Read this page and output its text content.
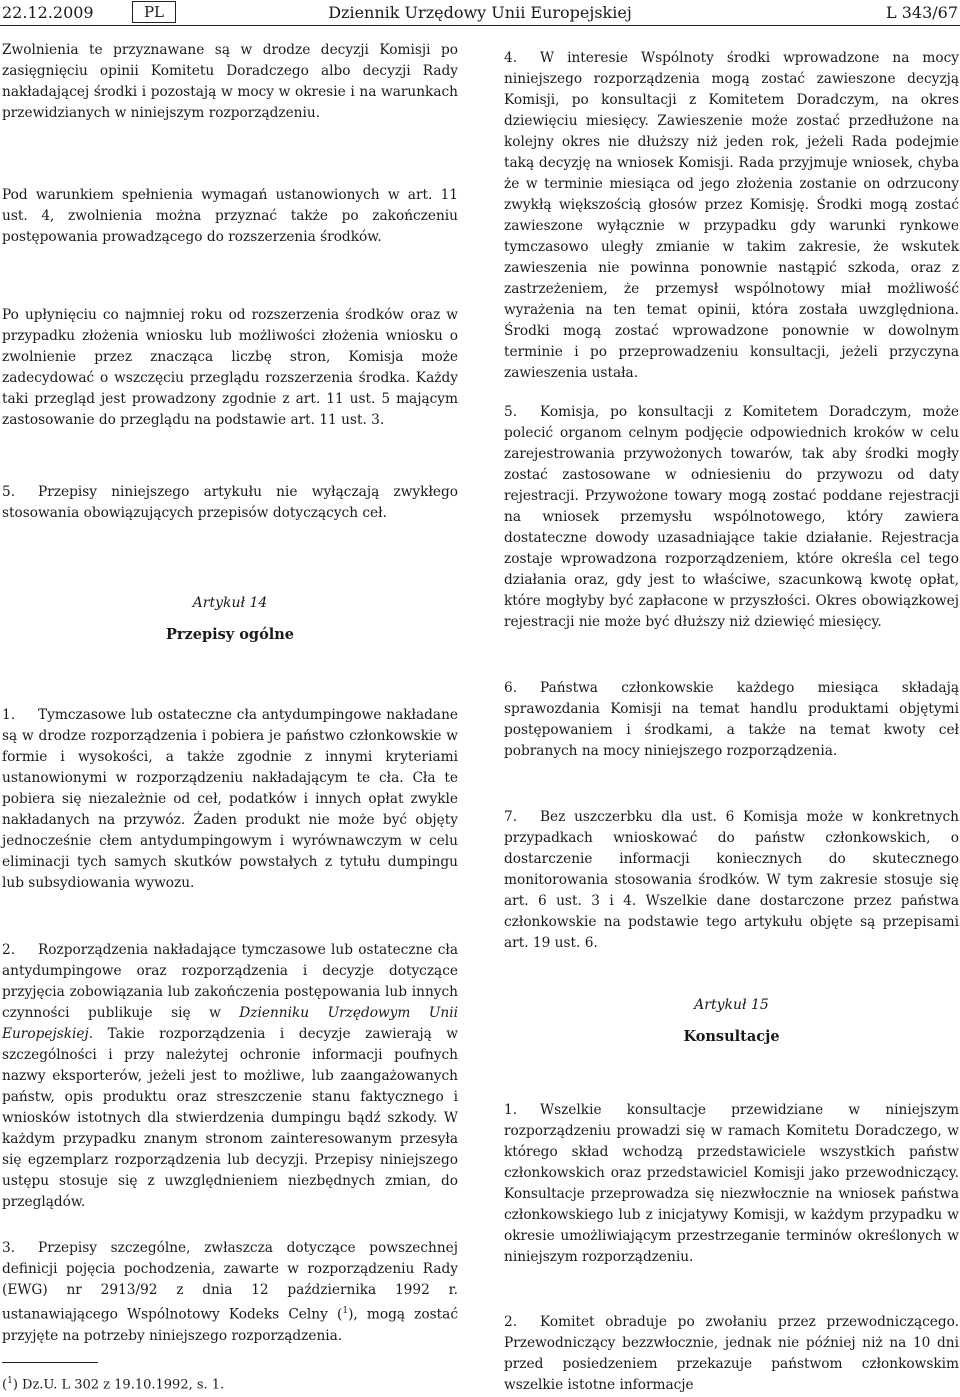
22.12.2009	PL	Dziennik Urzędowy Unii Europejskiej	L 343/67

Zwolnienia te przyznawane są w drodze decyzji Komisji po zasięgnięciu opinii Komitetu Doradczego albo decyzji Rady nakładającej środki i pozostają w mocy w okresie i na warunkach przewidzianych w niniejszym rozporządzeniu.

Pod warunkiem spełnienia wymagań ustanowionych w art. 11 ust. 4, zwolnienia można przyznać także po zakończeniu postępowania prowadzącego do rozszerzenia środków.

Po upłynięciu co najmniej roku od rozszerzenia środków oraz w przypadku złożenia wniosku lub możliwości złożenia wniosku o zwolnienie przez znacząca liczbę stron, Komisja może zadecydować o wszczęciu przeglądu rozszerzenia środka. Każdy taki przegląd jest prowadzony zgodnie z art. 11 ust. 5 mającym zastosowanie do przeglądu na podstawie art. 11 ust. 3.

5. Przepisy niniejszego artykułu nie wyłączają zwykłego stosowania obowiązujących przepisów dotyczących ceł.

Artykuł 14

Przepisy ogólne

1. Tymczasowe lub ostateczne cła antydumpingowe nakładane są w drodze rozporządzenia i pobiera je państwo członkowskie w formie i wysokości, a także zgodnie z innymi kryteriami ustanowionymi w rozporządzeniu nakładającym te cła. Cła te pobiera się niezależnie od ceł, podatków i innych opłat zwykle nakładanych na przywóz. Żaden produkt nie może być objęty jednocześnie cłem antydumpingowym i wyrównawczym w celu eliminacji tych samych skutków powstałych z tytułu dumpingu lub subsydiowania wywozu.

2. Rozporządzenia nakładające tymczasowe lub ostateczne cła antydumpingowe oraz rozporządzenia i decyzje dotyczące przyjęcia zobowiązania lub zakończenia postępowania lub innych czynności publikuje się w Dzienniku Urzędowym Unii Europejskiej. Takie rozporządzenia i decyzje zawierają w szczególności i przy należytej ochronie informacji poufnych nazwy eksporterów, jeżeli jest to możliwe, lub zaangażowanych państw, opis produktu oraz streszczenie stanu faktycznego i wniosków istotnych dla stwierdzenia dumpingu bądź szkody. W każdym przypadku znanym stronom zainteresowanym przesyła się egzemplarz rozporządzenia lub decyzji. Przepisy niniejszego ustępu stosuje się z uwzględnieniem niezbędnych zmian, do przeglądów.

3. Przepisy szczególne, zwłaszcza dotyczące powszechnej definicji pojęcia pochodzenia, zawarte w rozporządzeniu Rady (EWG) nr 2913/92 z dnia 12 października 1992 r. ustanawiającego Wspólnotowy Kodeks Celny ($^1$), mogą zostać przyjęte na potrzeby niniejszego rozporządzenia.

4. W interesie Wspólnoty środki wprowadzone na mocy niniejszego rozporządzenia mogą zostać zawieszone decyzją Komisji, po konsultacji z Komitetem Doradczym, na okres dziewięciu miesięcy. Zawieszenie może zostać przedłużone na kolejny okres nie dłuższy niż jeden rok, jeżeli Rada podejmie taką decyzję na wniosek Komisji. Rada przyjmuje wniosek, chyba że w terminie miesiąca od jego złożenia zostanie on odrzucony zwykłą większością głosów przez Komisję. Środki mogą zostać zawieszone wyłącznie w przypadku gdy warunki rynkowe tymczasowo uległy zmianie w takim zakresie, że wskutek zawieszenia nie powinna ponownie nastąpić szkoda, oraz z zastrzeżeniem, że przemysł wspólnotowy miał możliwość wyrażenia na ten temat opinii, która została uwzględniona. Środki mogą zostać wprowadzone ponownie w dowolnym terminie i po przeprowadzeniu konsultacji, jeżeli przyczyna zawieszenia ustała.

5. Komisja, po konsultacji z Komitetem Doradczym, może polecić organom celnym podjęcie odpowiednich kroków w celu zarejestrowania przywożonych towarów, tak aby środki mogły zostać zastosowane w odniesieniu do przywozu od daty rejestracji. Przywożone towary mogą zostać poddane rejestracji na wniosek przemysłu wspólnotowego, który zawiera dostateczne dowody uzasadniające takie działanie. Rejestracja zostaje wprowadzona rozporządzeniem, które określa cel tego działania oraz, gdy jest to właściwe, szacunkową kwotę opłat, które mogłyby być zapłacone w przyszłości. Okres obowiązkowej rejestracji nie może być dłuższy niż dziewięć miesięcy.

6. Państwa członkowskie każdego miesiąca składają sprawozdania Komisji na temat handlu produktami objętymi postępowaniem i środkami, a także na temat kwoty ceł pobranych na mocy niniejszego rozporządzenia.

7. Bez uszczerbku dla ust. 6 Komisja może w konkretnych przypadkach wnioskować do państw członkowskich, o dostarczenie informacji koniecznych do skutecznego monitorowania stosowania środków. W tym zakresie stosuje się art. 6 ust. 3 i 4. Wszelkie dane dostarczone przez państwa członkowskie na podstawie tego artykułu objęte są przepisami art. 19 ust. 6.

Artykuł 15

Konsultacje

1. Wszelkie konsultacje przewidziane w niniejszym rozporządzeniu prowadzi się w ramach Komitetu Doradczego, w którego skład wchodzą przedstawiciele wszystkich państw członkowskich oraz przedstawiciel Komisji jako przewodniczący. Konsultacje przeprowadza się niezwłocznie na wniosek państwa członkowskiego lub z inicjatywy Komisji, w każdym przypadku w okresie umożliwiającym przestrzeganie terminów określonych w niniejszym rozporządzeniu.

2. Komitet obraduje po zwołaniu przez przewodniczącego. Przewodniczący bezzwłocznie, jednak nie później niż na 10 dni przed posiedzeniem przekazuje państwom członkowskim wszelkie istotne informacje

($^1$) Dz.U. L 302 z 19.10.1992, s. 1.
